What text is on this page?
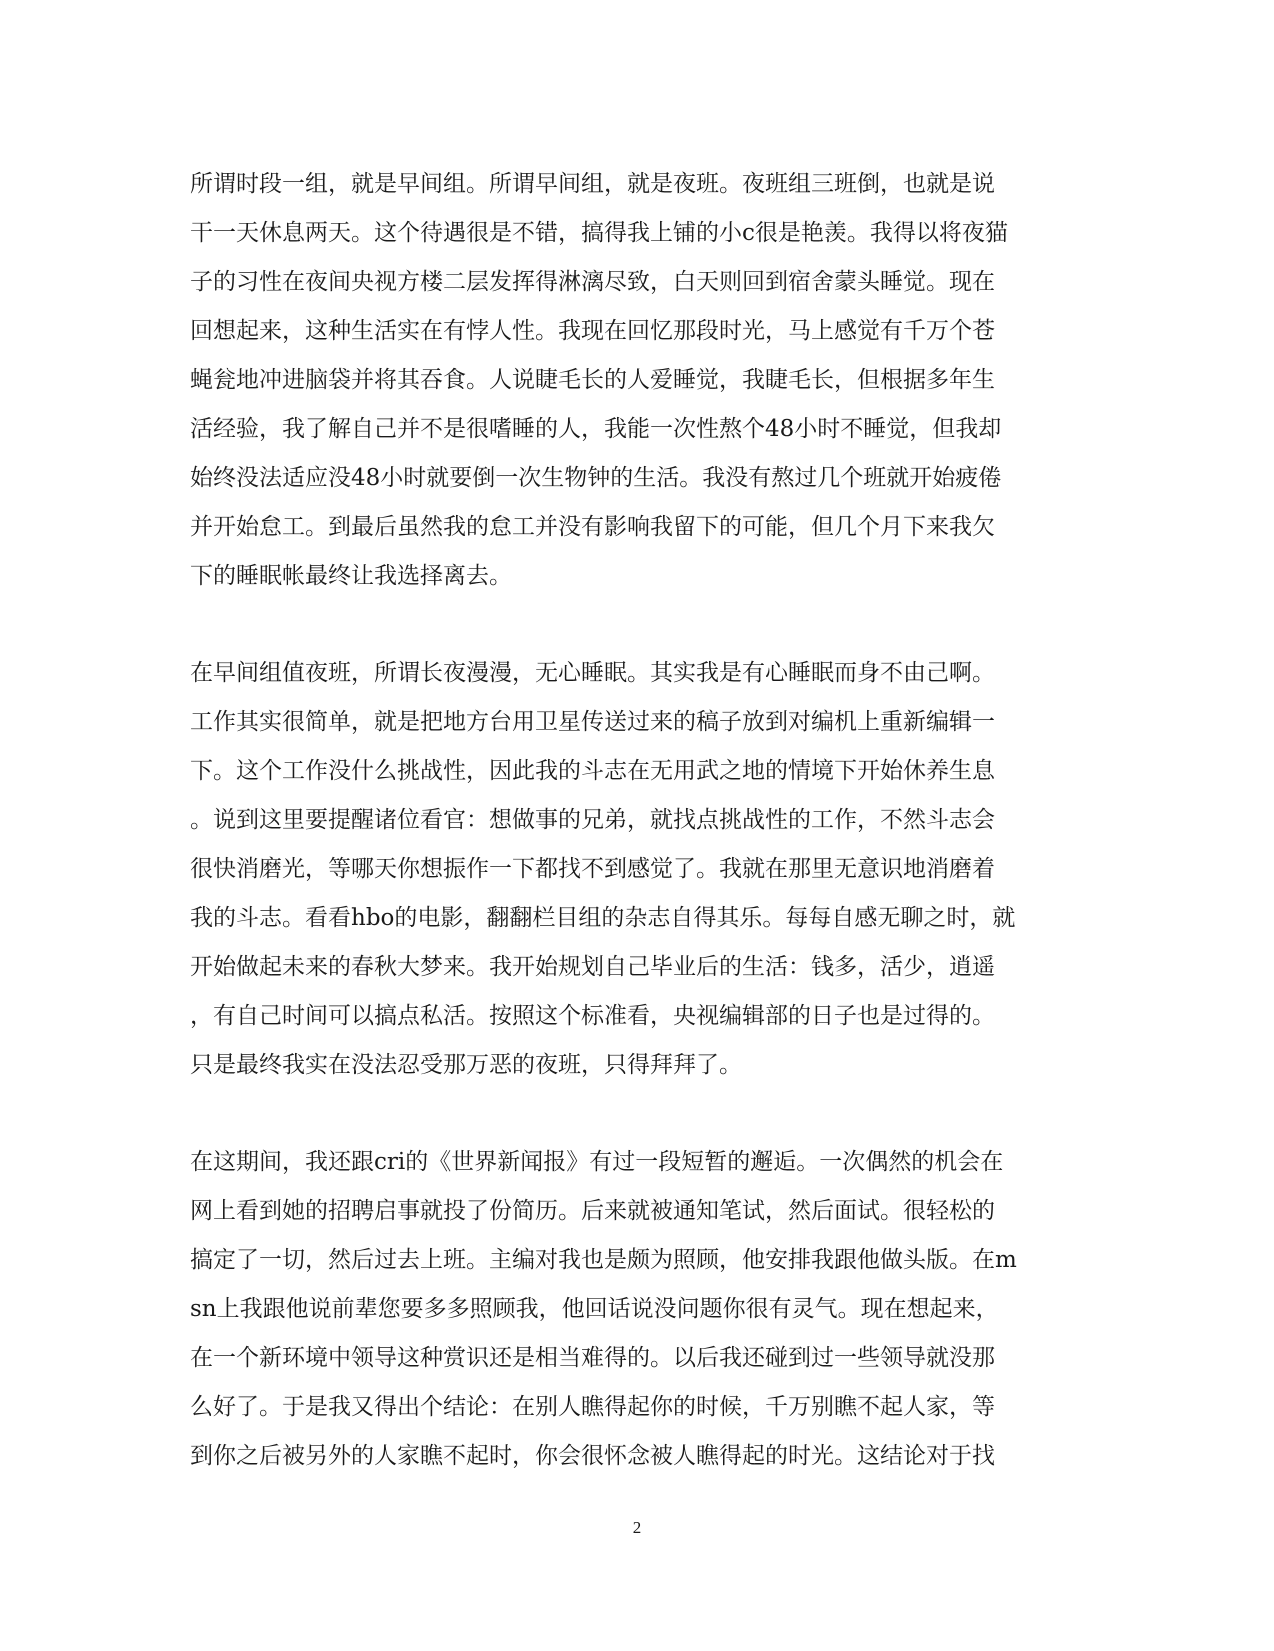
所谓时段一组，就是早间组。所谓早间组，就是夜班。夜班组三班倒，也就是说
干一天休息两天。这个待遇很是不错，搞得我上铺的小c很是艳羡。我得以将夜猫
子的习性在夜间央视方楼二层发挥得淋漓尽致，白天则回到宿舍蒙头睡觉。现在
回想起来，这种生活实在有悖人性。我现在回忆那段时光，马上感觉有千万个苍
蝇瓮地冲进脑袋并将其吞食。人说睫毛长的人爱睡觉，我睫毛长，但根据多年生
活经验，我了解自己并不是很嗜睡的人，我能一次性熬个48小时不睡觉，但我却
始终没法适应没48小时就要倒一次生物钟的生活。我没有熬过几个班就开始疲倦
并开始怠工。到最后虽然我的怠工并没有影响我留下的可能，但几个月下来我欠
下的睡眠帐最终让我选择离去。

在早间组值夜班，所谓长夜漫漫，无心睡眠。其实我是有心睡眠而身不由己啊。
工作其实很简单，就是把地方台用卫星传送过来的稿子放到对编机上重新编辑一
下。这个工作没什么挑战性，因此我的斗志在无用武之地的情境下开始休养生息
。说到这里要提醒诸位看官：想做事的兄弟，就找点挑战性的工作，不然斗志会
很快消磨光，等哪天你想振作一下都找不到感觉了。我就在那里无意识地消磨着
我的斗志。看看hbo的电影，翻翻栏目组的杂志自得其乐。每每自感无聊之时，就
开始做起未来的春秋大梦来。我开始规划自己毕业后的生活：钱多，活少，逍遥
，有自己时间可以搞点私活。按照这个标准看，央视编辑部的日子也是过得的。
只是最终我实在没法忍受那万恶的夜班，只得拜拜了。

在这期间，我还跟cri的《世界新闻报》有过一段短暂的邂逅。一次偶然的机会在
网上看到她的招聘启事就投了份简历。后来就被通知笔试，然后面试。很轻松的
搞定了一切，然后过去上班。主编对我也是颇为照顾，他安排我跟他做头版。在m
sn上我跟他说前辈您要多多照顾我，他回话说没问题你很有灵气。现在想起来，
在一个新环境中领导这种赏识还是相当难得的。以后我还碰到过一些领导就没那
么好了。于是我又得出个结论：在别人瞧得起你的时候，千万别瞧不起人家，等
到你之后被另外的人家瞧不起时，你会很怀念被人瞧得起的时光。这结论对于找

2
